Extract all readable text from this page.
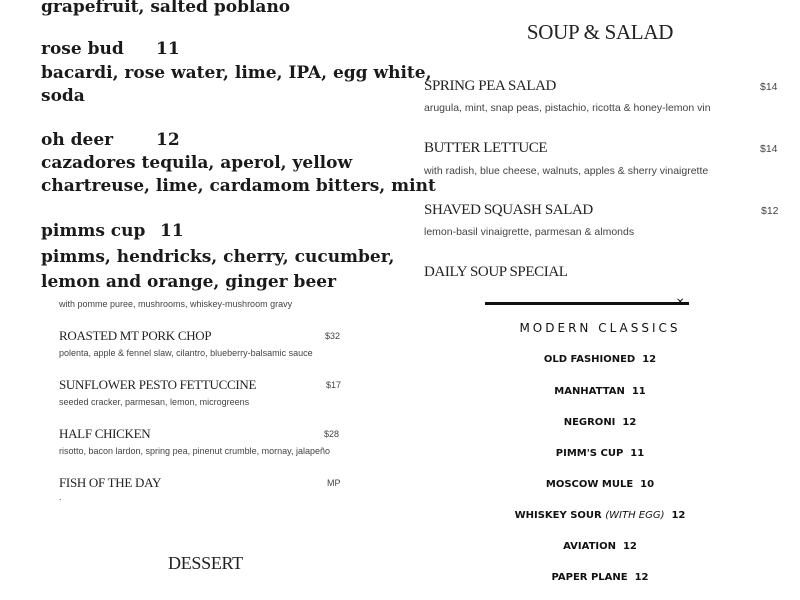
grapefruit, salted poblano
rose bud 11
bacardi, rose water, lime, IPA, egg white,
soda
oh deer	12
cazadores tequila, aperol, yellow
chartreuse, lime, cardamom bitters, mint
pimms cup 11
pimms, hendricks, cherry, cucumber,
lemon and orange, ginger beer
with pomme puree, mushrooms, whiskey-mushroom gravy
ROASTED MT PORK CHOP	$32
polenta, apple & fennel slaw, cilantro, blueberry-balsamic sauce
SUNFLOWER PESTO FETTUCCINE	$17
seeded cracker, parmesan, lemon, microgreens
HALF CHICKEN	$28
risotto, bacon lardon, spring pea, pinenut crumble, mornay, jalapeño
FISH OF THE DAY	MP
.
DESSERT
SOUP & SALAD
SPRING PEA SALAD	$14
arugula, mint, snap peas, pistachio, ricotta & honey-lemon vin
BUTTER LETTUCE	$14
with radish, blue cheese, walnuts, apples & sherry vinaigrette
SHAVED SQUASH SALAD	$12
lemon-basil vinaigrette, parmesan & almonds
DAILY SOUP SPECIAL
✕
MODERN CLASSICS
OLD FASHIONED 12
MANHATTAN 11
NEGRONI 12
PIMM'S CUP 11
MOSCOW MULE 10
WHISKEY SOUR (WITH EGG) 12
AVIATION 12
PAPER PLANE 12
